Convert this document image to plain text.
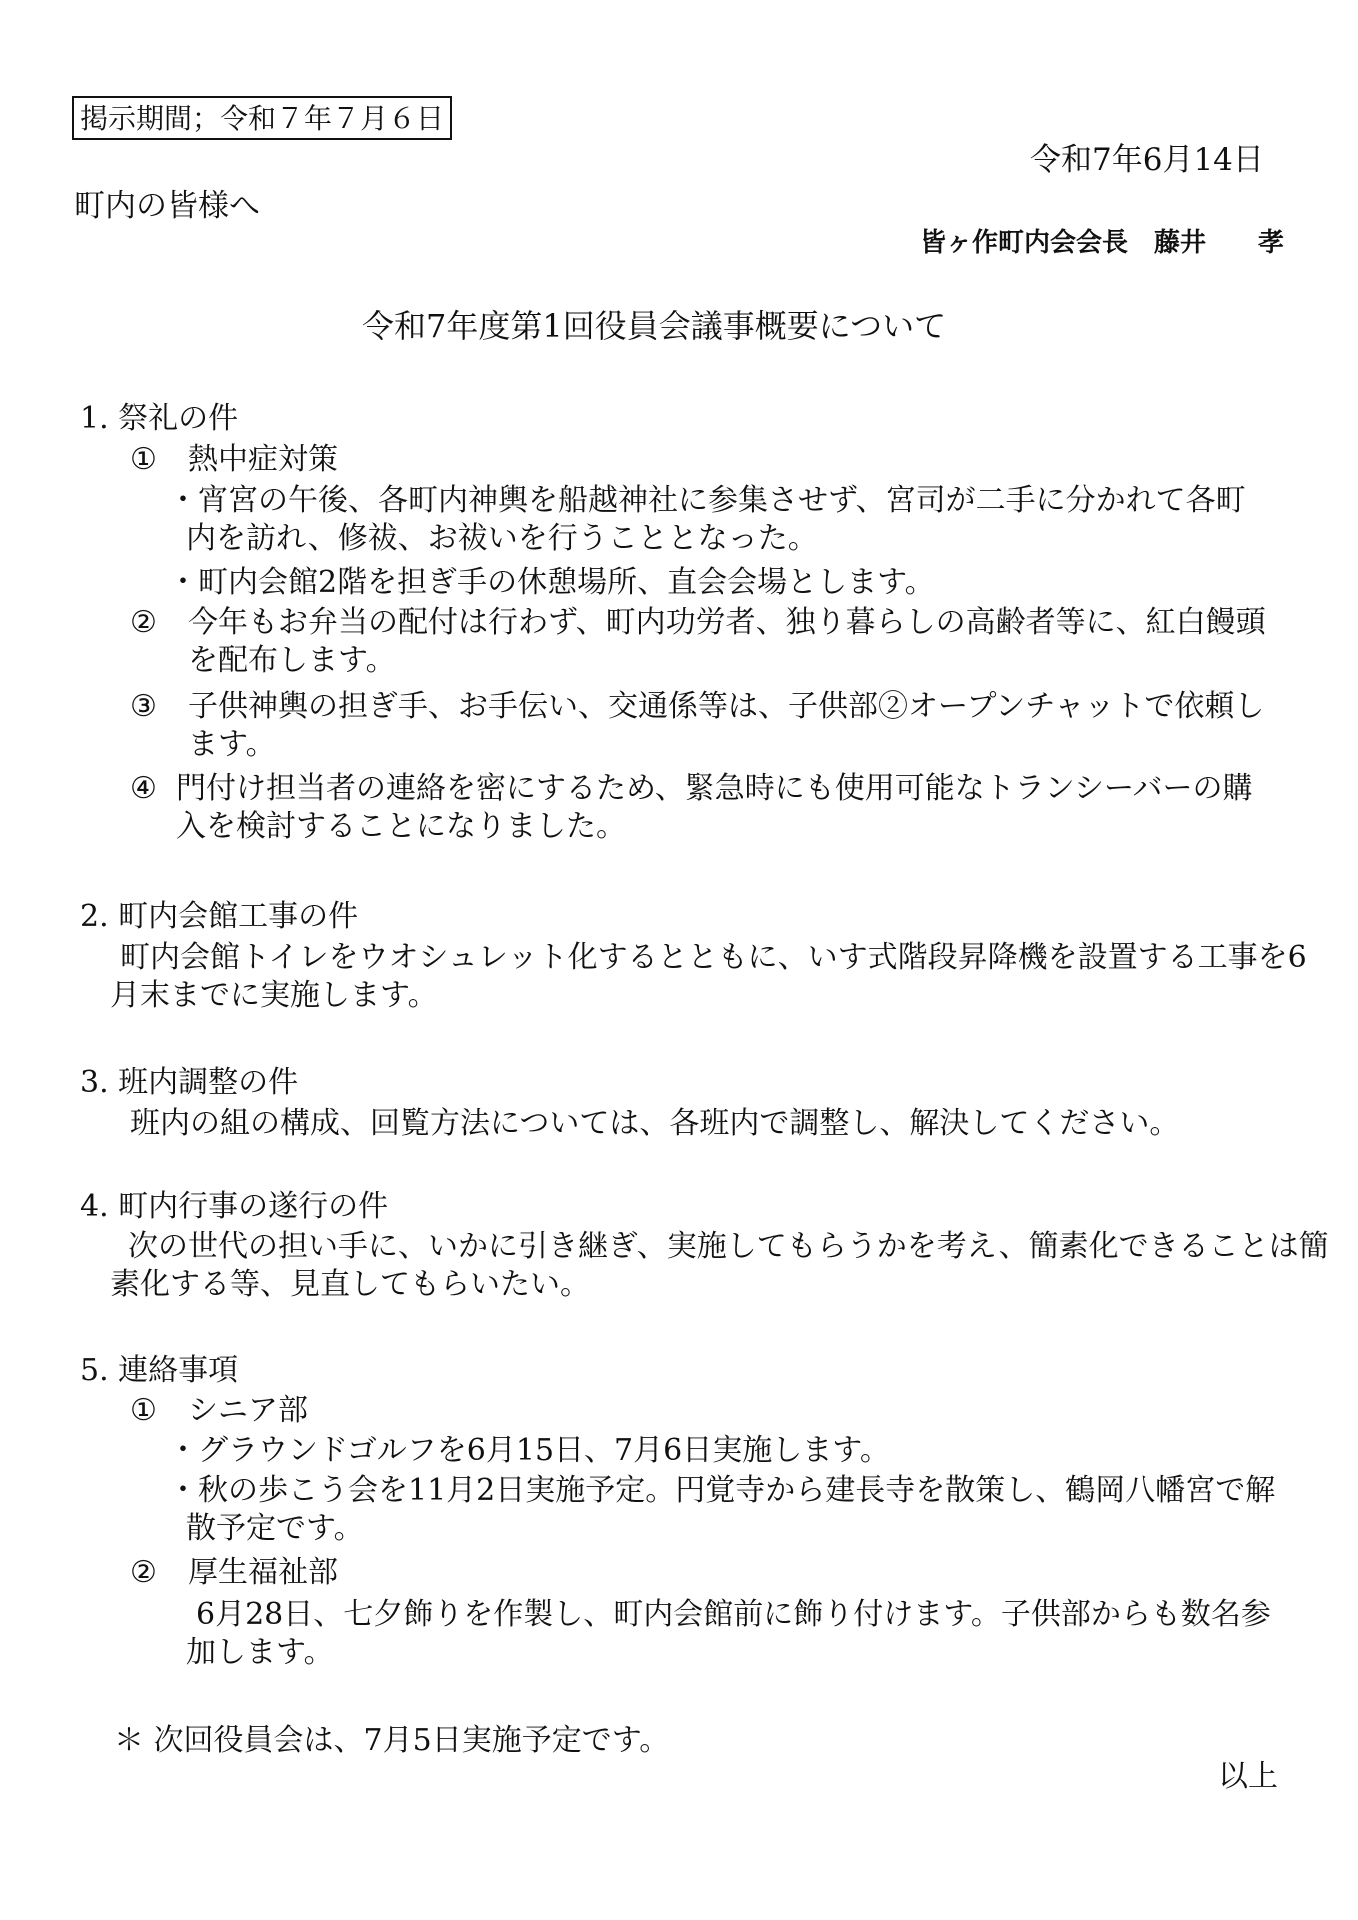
掲示期間；令和７年７月６日
令和7年6月14日
町内の皆様へ
皆ヶ作町内会会長　藤井　　孝
令和7年度第1回役員会議事概要について
1. 祭礼の件
① 熱中症対策
・宵宮の午後、各町内神輿を船越神社に参集させず、宮司が二手に分かれて各町
内を訪れ、修祓、お祓いを行うこととなった。
・町内会館2階を担ぎ手の休憩場所、直会会場とします。
② 今年もお弁当の配付は行わず、町内功労者、独り暮らしの高齢者等に、紅白饅頭
を配布します。
③ 子供神輿の担ぎ手、お手伝い、交通係等は、子供部②オープンチャットで依頼し
ます。
④ 門付け担当者の連絡を密にするため、緊急時にも使用可能なトランシーバーの購
入を検討することになりました。
2. 町内会館工事の件
町内会館トイレをウオシュレット化するとともに、いす式階段昇降機を設置する工事を6
月末までに実施します。
3. 班内調整の件
班内の組の構成、回覧方法については、各班内で調整し、解決してください。
4. 町内行事の遂行の件
次の世代の担い手に、いかに引き継ぎ、実施してもらうかを考え、簡素化できることは簡
素化する等、見直してもらいたい。
5. 連絡事項
① シニア部
・グラウンドゴルフを6月15日、7月6日実施します。
・秋の歩こう会を11月2日実施予定。円覚寺から建長寺を散策し、鶴岡八幡宮で解
散予定です。
② 厚生福祉部
6月28日、七夕飾りを作製し、町内会館前に飾り付けます。子供部からも数名参
加します。
＊ 次回役員会は、7月5日実施予定です。
以上
